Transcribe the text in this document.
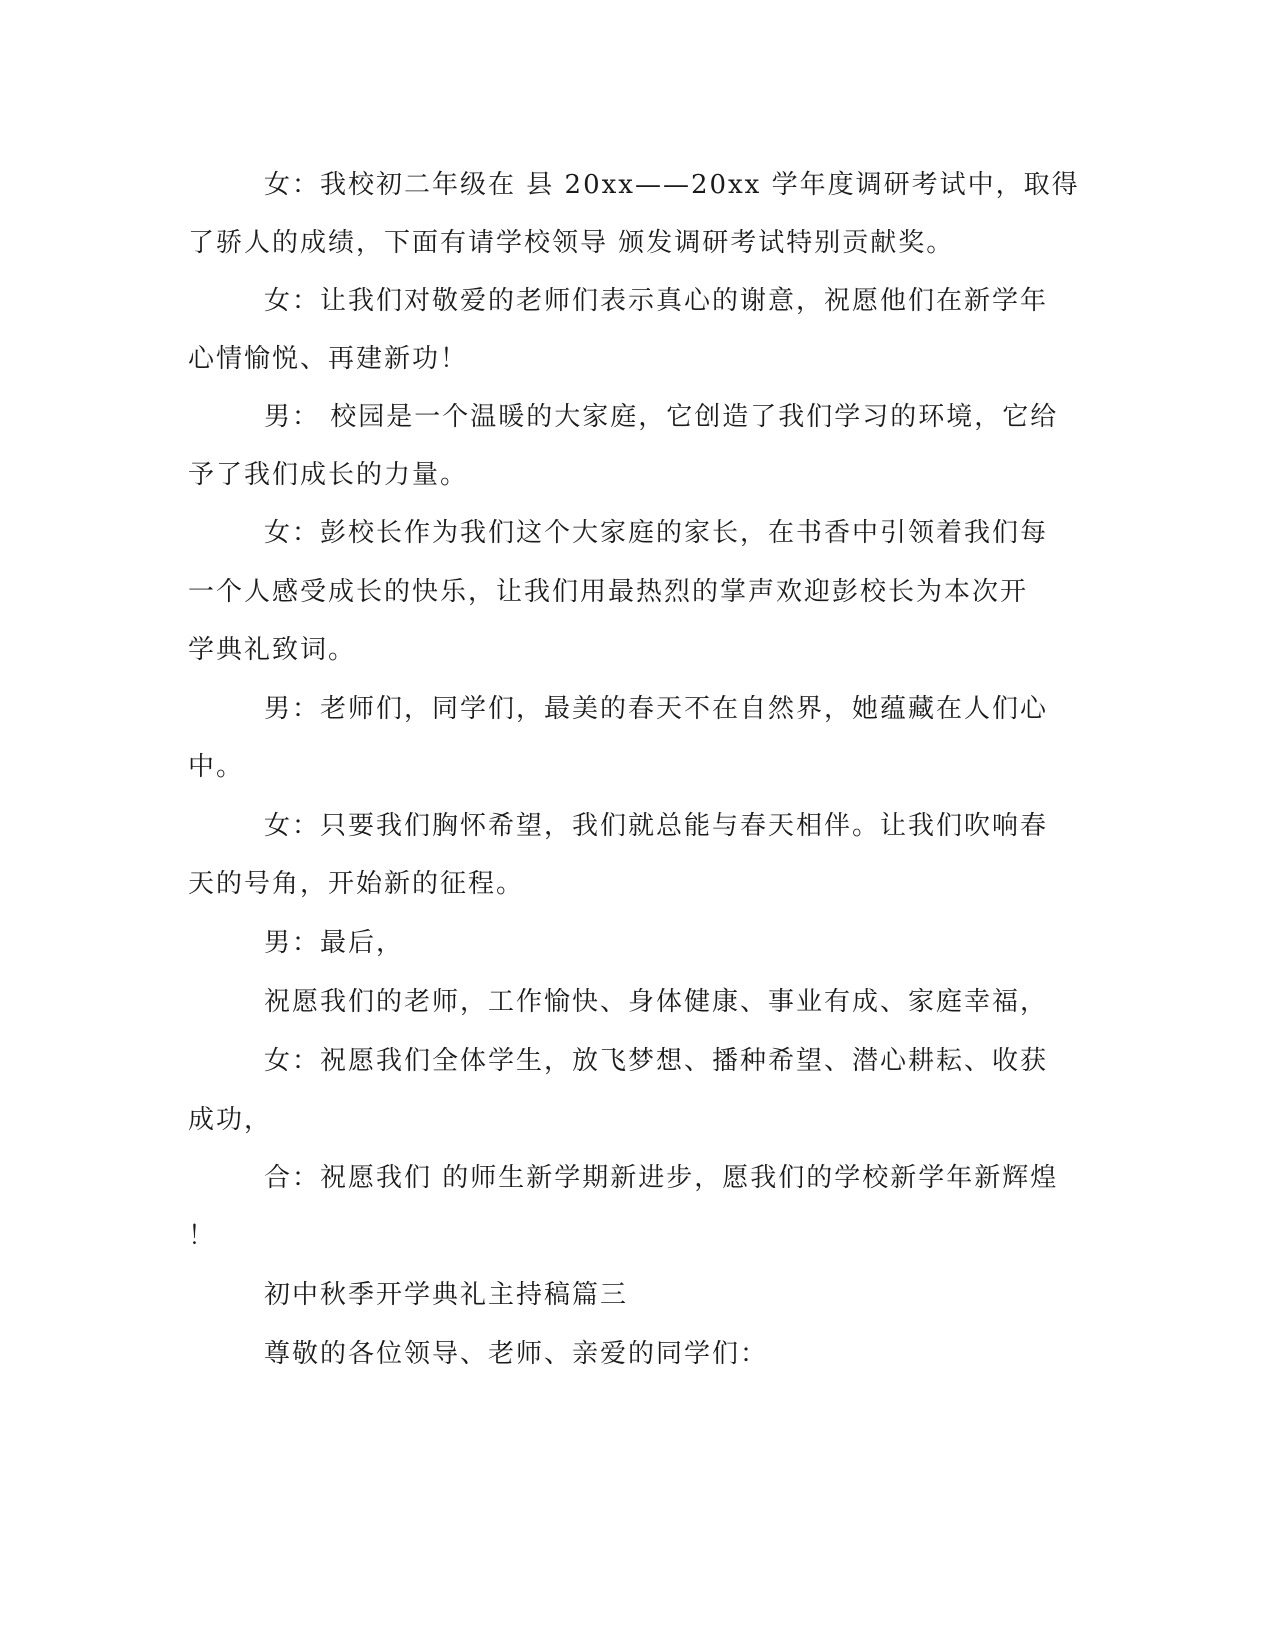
女：我校初二年级在 县 20xx——20xx 学年度调研考试中，取得
了骄人的成绩，下面有请学校领导 颁发调研考试特别贡献奖。
女：让我们对敬爱的老师们表示真心的谢意，祝愿他们在新学年
心情愉悦、再建新功！
男： 校园是一个温暖的大家庭，它创造了我们学习的环境，它给
予了我们成长的力量。
女：彭校长作为我们这个大家庭的家长，在书香中引领着我们每
一个人感受成长的快乐，让我们用最热烈的掌声欢迎彭校长为本次开
学典礼致词。
男：老师们，同学们，最美的春天不在自然界，她蕴藏在人们心
中。
女：只要我们胸怀希望，我们就总能与春天相伴。让我们吹响春
天的号角，开始新的征程。
男：最后，
祝愿我们的老师，工作愉快、身体健康、事业有成、家庭幸福，
女：祝愿我们全体学生，放飞梦想、播种希望、潜心耕耘、收获
成功，
合：祝愿我们 的师生新学期新进步，愿我们的学校新学年新辉煌
！
初中秋季开学典礼主持稿篇三
尊敬的各位领导、老师、亲爱的同学们：
